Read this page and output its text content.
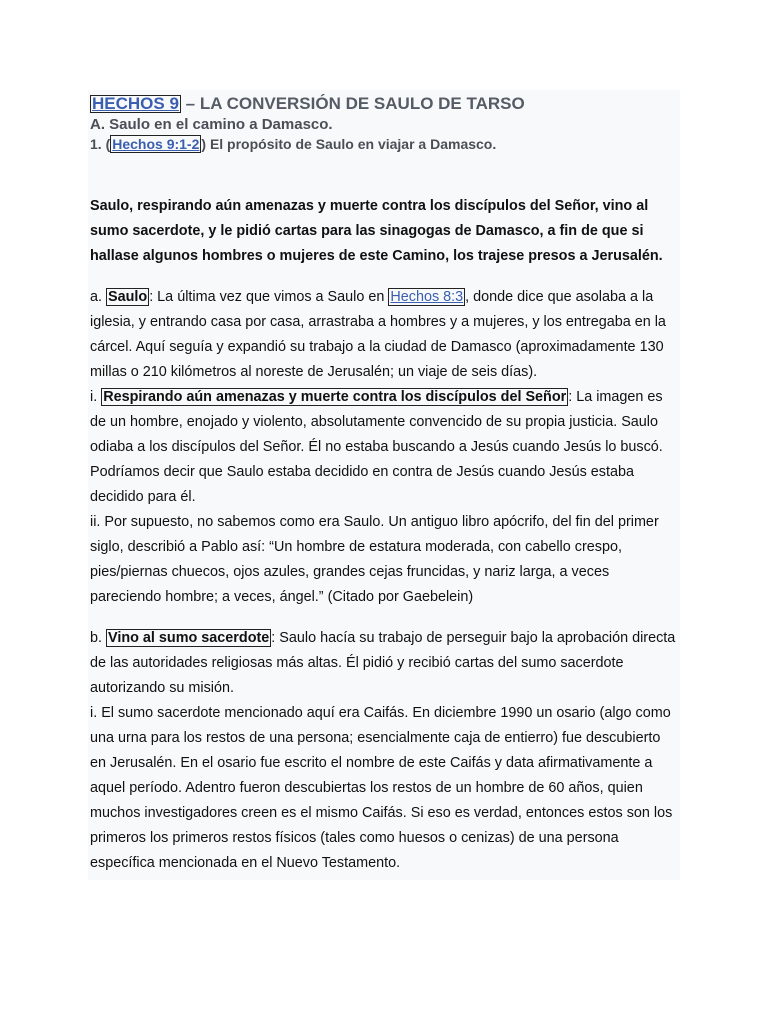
HECHOS 9 – LA CONVERSIÓN DE SAULO DE TARSO
A. Saulo en el camino a Damasco.
1. ( Hechos 9:1-2 ) El propósito de Saulo en viajar a Damasco.

Saulo, respirando aún amenazas y muerte contra los discípulos del Señor, vino al sumo sacerdote, y le pidió cartas para las sinagogas de Damasco, a fin de que si hallase algunos hombres o mujeres de este Camino, los trajese presos a Jerusalén.

a. Saulo : La última vez que vimos a Saulo en Hechos 8:3 , donde dice que asolaba a la iglesia, y entrando casa por casa, arrastraba a hombres y a mujeres, y los entregaba en la cárcel. Aquí seguía y expandió su trabajo a la ciudad de Damasco (aproximadamente 130 millas o 210 kilómetros al noreste de Jerusalén; un viaje de seis días).

i. Respirando aún amenazas y muerte contra los discípulos del Señor : La imagen es de un hombre, enojado y violento, absolutamente convencido de su propia justicia. Saulo odiaba a los discípulos del Señor. Él no estaba buscando a Jesús cuando Jesús lo buscó. Podríamos decir que Saulo estaba decidido en contra de Jesús cuando Jesús estaba decidido para él.

ii. Por supuesto, no sabemos como era Saulo. Un antiguo libro apócrifo, del fin del primer siglo, describió a Pablo así: “Un hombre de estatura moderada, con cabello crespo, pies/piernas chuecos, ojos azules, grandes cejas fruncidas, y nariz larga, a veces pareciendo hombre; a veces, ángel.” (Citado por Gaebelein)

b. Vino al sumo sacerdote : Saulo hacía su trabajo de perseguir bajo la aprobación directa de las autoridades religiosas más altas. Él pidió y recibió cartas del sumo sacerdote autorizando su misión.

i. El sumo sacerdote mencionado aquí era Caifás. En diciembre 1990 un osario (algo como una urna para los restos de una persona; esencialmente caja de entierro) fue descubierto en Jerusalén. En el osario fue escrito el nombre de este Caifás y data afirmativamente a aquel período. Adentro fueron descubiertas los restos de un hombre de 60 años, quien muchos investigadores creen es el mismo Caifás. Si eso es verdad, entonces estos son los primeros los primeros restos físicos (tales como huesos o cenizas) de una persona específica mencionada en el Nuevo Testamento.
